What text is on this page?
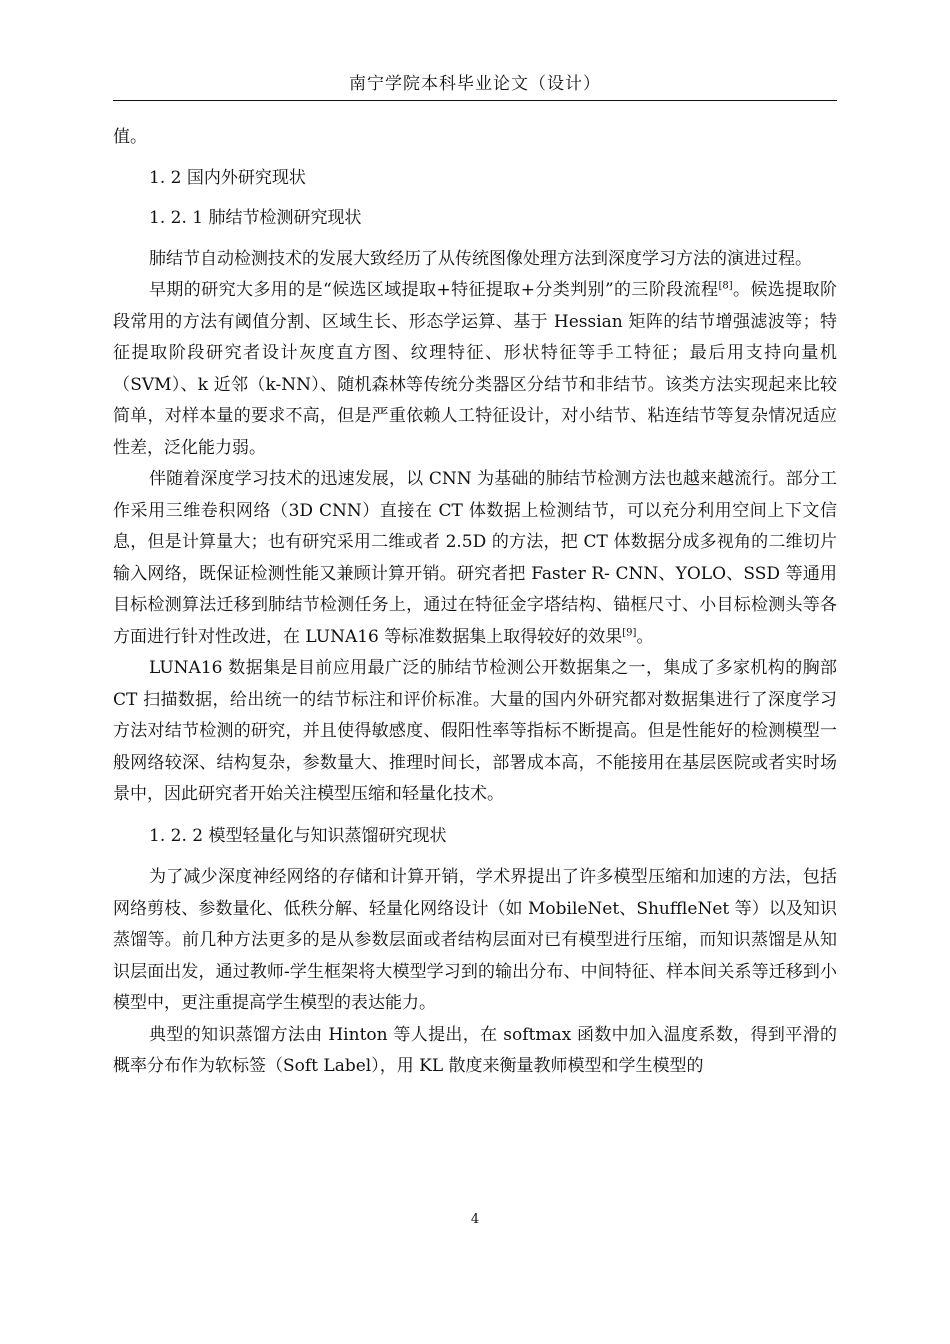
南宁学院本科毕业论文（设计）

值。

1. 2 国内外研究现状

1. 2. 1 肺结节检测研究现状

肺结节自动检测技术的发展大致经历了从传统图像处理方法到深度学习方法的演进过程。

早期的研究大多用的是“候选区域提取+特征提取+分类判别”的三阶段流程[8]。候选提取阶段常用的方法有阈值分割、区域生长、形态学运算、基于 Hessian 矩阵的结节增强滤波等；特征提取阶段研究者设计灰度直方图、纹理特征、形状特征等手工特征；最后用支持向量机（SVM）、k 近邻（k-NN）、随机森林等传统分类器区分结节和非结节。该类方法实现起来比较简单，对样本量的要求不高，但是严重依赖人工特征设计，对小结节、粘连结节等复杂情况适应性差，泛化能力弱。

伴随着深度学习技术的迅速发展，以 CNN 为基础的肺结节检测方法也越来越流行。部分工作采用三维卷积网络（3D CNN）直接在 CT 体数据上检测结节，可以充分利用空间上下文信息，但是计算量大；也有研究采用二维或者 2.5D 的方法，把 CT 体数据分成多视角的二维切片输入网络，既保证检测性能又兼顾计算开销。研究者把 Faster R- CNN、YOLO、SSD 等通用目标检测算法迁移到肺结节检测任务上，通过在特征金字塔结构、锚框尺寸、小目标检测头等各方面进行针对性改进，在 LUNA16 等标准数据集上取得较好的效果[9]。

LUNA16 数据集是目前应用最广泛的肺结节检测公开数据集之一，集成了多家机构的胸部 CT 扫描数据，给出统一的结节标注和评价标准。大量的国内外研究都对数据集进行了深度学习方法对结节检测的研究，并且使得敏感度、假阳性率等指标不断提高。但是性能好的检测模型一般网络较深、结构复杂，参数量大、推理时间长，部署成本高，不能接用在基层医院或者实时场景中，因此研究者开始关注模型压缩和轻量化技术。

1. 2. 2 模型轻量化与知识蒸馏研究现状

为了减少深度神经网络的存储和计算开销，学术界提出了许多模型压缩和加速的方法，包括网络剪枝、参数量化、低秩分解、轻量化网络设计（如 MobileNet、ShuffleNet 等）以及知识蒸馏等。前几种方法更多的是从参数层面或者结构层面对已有模型进行压缩，而知识蒸馏是从知识层面出发，通过教师-学生框架将大模型学习到的输出分布、中间特征、样本间关系等迁移到小模型中，更注重提高学生模型的表达能力。

典型的知识蒸馏方法由 Hinton 等人提出，在 softmax 函数中加入温度系数，得到平滑的概率分布作为软标签（Soft Label），用 KL 散度来衡量教师模型和学生模型的

4
